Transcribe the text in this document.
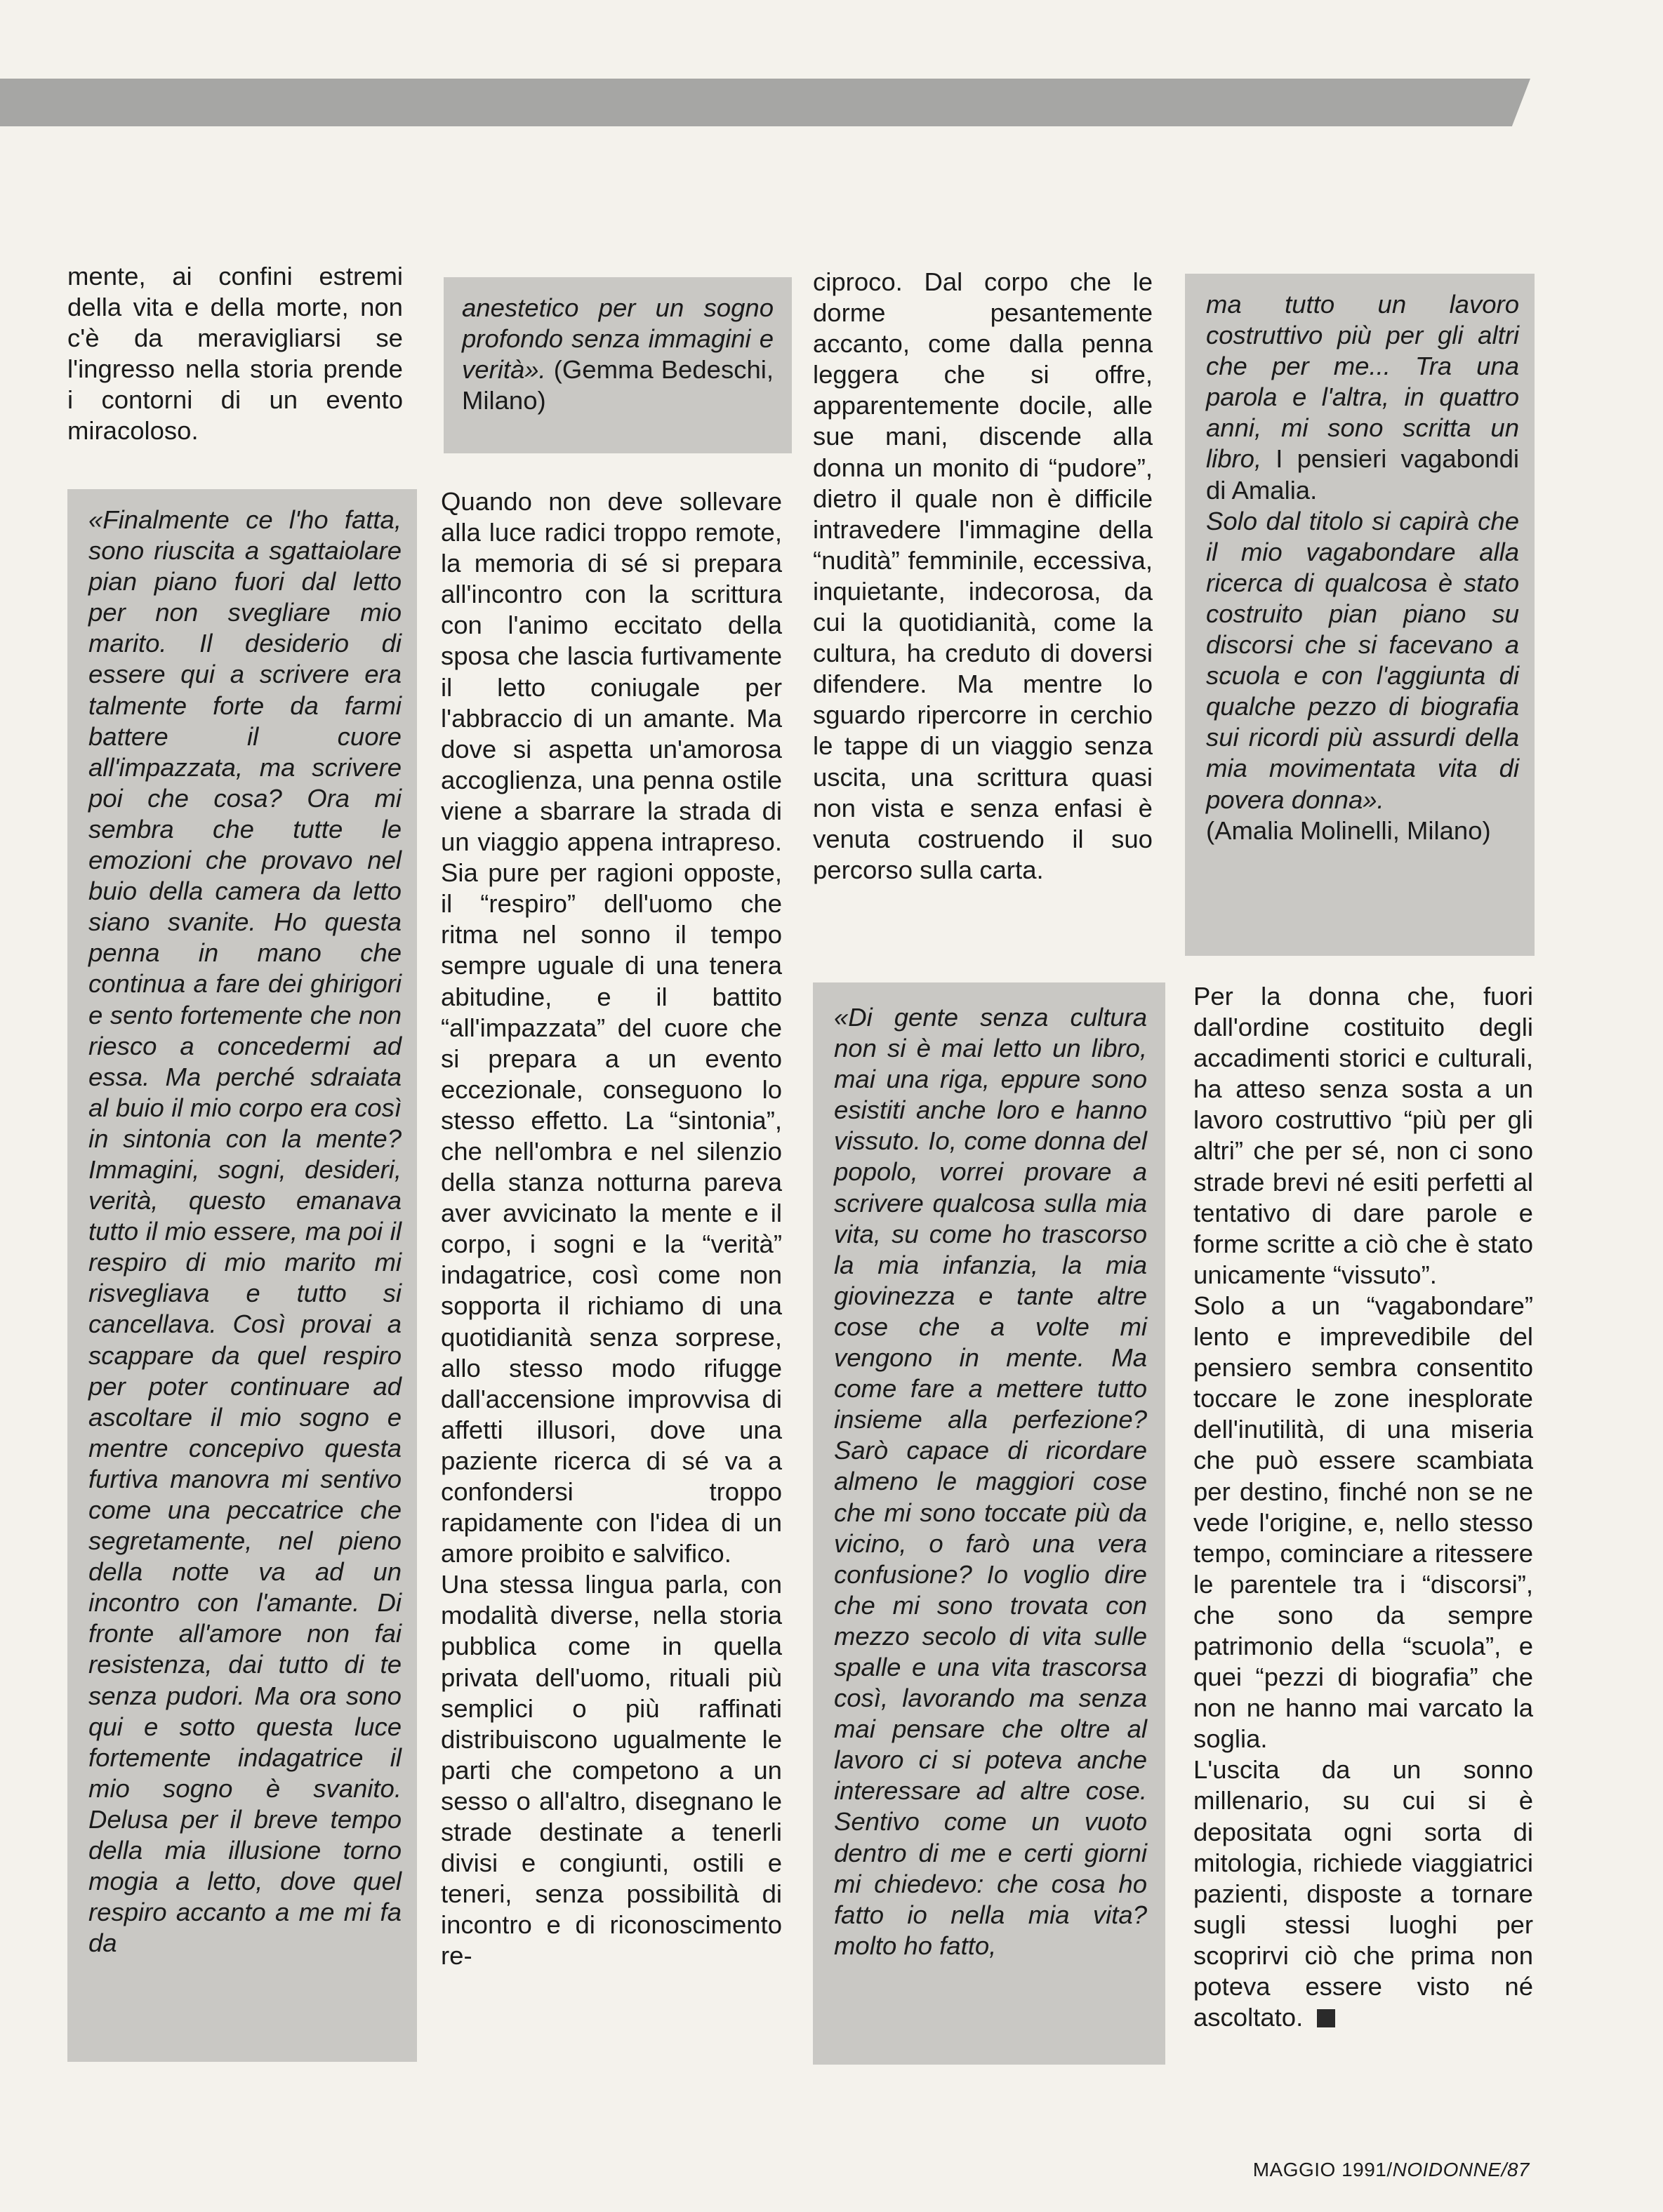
mente, ai confini estremi della vita e della morte, non c'è da meravigliarsi se l'ingresso nella storia prende i contorni di un evento miracoloso.

«Finalmente ce l'ho fatta, sono riuscita a sgattaiolare pian piano fuori dal letto per non svegliare mio marito. Il desiderio di essere qui a scrivere era talmente forte da farmi battere il cuore all'impazzata, ma scrivere poi che cosa? Ora mi sembra che tutte le emozioni che provavo nel buio della camera da letto siano svanite. Ho questa penna in mano che continua a fare dei ghirigori e sento fortemente che non riesco a concedermi ad essa. Ma perché sdraiata al buio il mio corpo era così in sintonia con la mente? Immagini, sogni, desideri, verità, questo emanava tutto il mio essere, ma poi il respiro di mio marito mi risvegliava e tutto si cancellava. Così provai a scappare da quel respiro per poter continuare ad ascoltare il mio sogno e mentre concepivo questa furtiva manovra mi sentivo come una peccatrice che segretamente, nel pieno della notte va ad un incontro con l'amante. Di fronte all'amore non fai resistenza, dai tutto di te senza pudori. Ma ora sono qui e sotto questa luce fortemente indagatrice il mio sogno è svanito. Delusa per il breve tempo della mia illusione torno mogia a letto, dove quel respiro accanto a me mi fa da

anestetico per un sogno profondo senza immagini e verità». (Gemma Bedeschi, Milano)

Quando non deve sollevare alla luce radici troppo remote, la memoria di sé si prepara all'incontro con la scrittura con l'animo eccitato della sposa che lascia furtivamente il letto coniugale per l'abbraccio di un amante. Ma dove si aspetta un'amorosa accoglienza, una penna ostile viene a sbarrare la strada di un viaggio appena intrapreso. Sia pure per ragioni opposte, il “respiro” dell'uomo che ritma nel sonno il tempo sempre uguale di una tenera abitudine, e il battito “all'impazzata” del cuore che si prepara a un evento eccezionale, conseguono lo stesso effetto. La “sintonia”, che nell'ombra e nel silenzio della stanza notturna pareva aver avvicinato la mente e il corpo, i sogni e la “verità” indagatrice, così come non sopporta il richiamo di una quotidianità senza sorprese, allo stesso modo rifugge dall'accensione improvvisa di affetti illusori, dove una paziente ricerca di sé va a confondersi troppo rapidamente con l'idea di un amore proibito e salvifico.

Una stessa lingua parla, con modalità diverse, nella storia pubblica come in quella privata dell'uomo, rituali più semplici o più raffinati distribuiscono ugualmente le parti che competono a un sesso o all'altro, disegnano le strade destinate a tenerli divisi e congiunti, ostili e teneri, senza possibilità di incontro e di riconoscimento re-

ciproco. Dal corpo che le dorme pesantemente accanto, come dalla penna leggera che si offre, apparentemente docile, alle sue mani, discende alla donna un monito di “pudore”, dietro il quale non è difficile intravedere l'immagine della “nudità” femminile, eccessiva, inquietante, indecorosa, da cui la quotidianità, come la cultura, ha creduto di doversi difendere. Ma mentre lo sguardo ripercorre in cerchio le tappe di un viaggio senza uscita, una scrittura quasi non vista e senza enfasi è venuta costruendo il suo percorso sulla carta.

«Di gente senza cultura non si è mai letto un libro, mai una riga, eppure sono esistiti anche loro e hanno vissuto. Io, come donna del popolo, vorrei provare a scrivere qualcosa sulla mia vita, su come ho trascorso la mia infanzia, la mia giovinezza e tante altre cose che a volte mi vengono in mente. Ma come fare a mettere tutto insieme alla perfezione? Sarò capace di ricordare almeno le maggiori cose che mi sono toccate più da vicino, o farò una vera confusione? Io voglio dire che mi sono trovata con mezzo secolo di vita sulle spalle e una vita trascorsa così, lavorando ma senza mai pensare che oltre al lavoro ci si poteva anche interessare ad altre cose. Sentivo come un vuoto dentro di me e certi giorni mi chiedevo: che cosa ho fatto io nella mia vita? molto ho fatto,

ma tutto un lavoro costruttivo più per gli altri che per me... Tra una parola e l'altra, in quattro anni, mi sono scritta un libro, I pensieri vagabondi di Amalia.

Solo dal titolo si capirà che il mio vagabondare alla ricerca di qualcosa è stato costruito pian piano su discorsi che si facevano a scuola e con l'aggiunta di qualche pezzo di biografia sui ricordi più assurdi della mia movimentata vita di povera donna».

(Amalia Molinelli, Milano)

Per la donna che, fuori dall'ordine costituito degli accadimenti storici e culturali, ha atteso senza sosta a un lavoro costruttivo “più per gli altri” che per sé, non ci sono strade brevi né esiti perfetti al tentativo di dare parole e forme scritte a ciò che è stato unicamente “vissuto”.

Solo a un “vagabondare” lento e imprevedibile del pensiero sembra consentito toccare le zone inesplorate dell'inutilità, di una miseria che può essere scambiata per destino, finché non se ne vede l'origine, e, nello stesso tempo, cominciare a ritessere le parentele tra i “discorsi”, che sono da sempre patrimonio della “scuola”, e quei “pezzi di biografia” che non ne hanno mai varcato la soglia.

L'uscita da un sonno millenario, su cui si è depositata ogni sorta di mitologia, richiede viaggiatrici pazienti, disposte a tornare sugli stessi luoghi per scoprirvi ciò che prima non poteva essere visto né ascoltato.

MAGGIO 1991/NOIDONNE/87
